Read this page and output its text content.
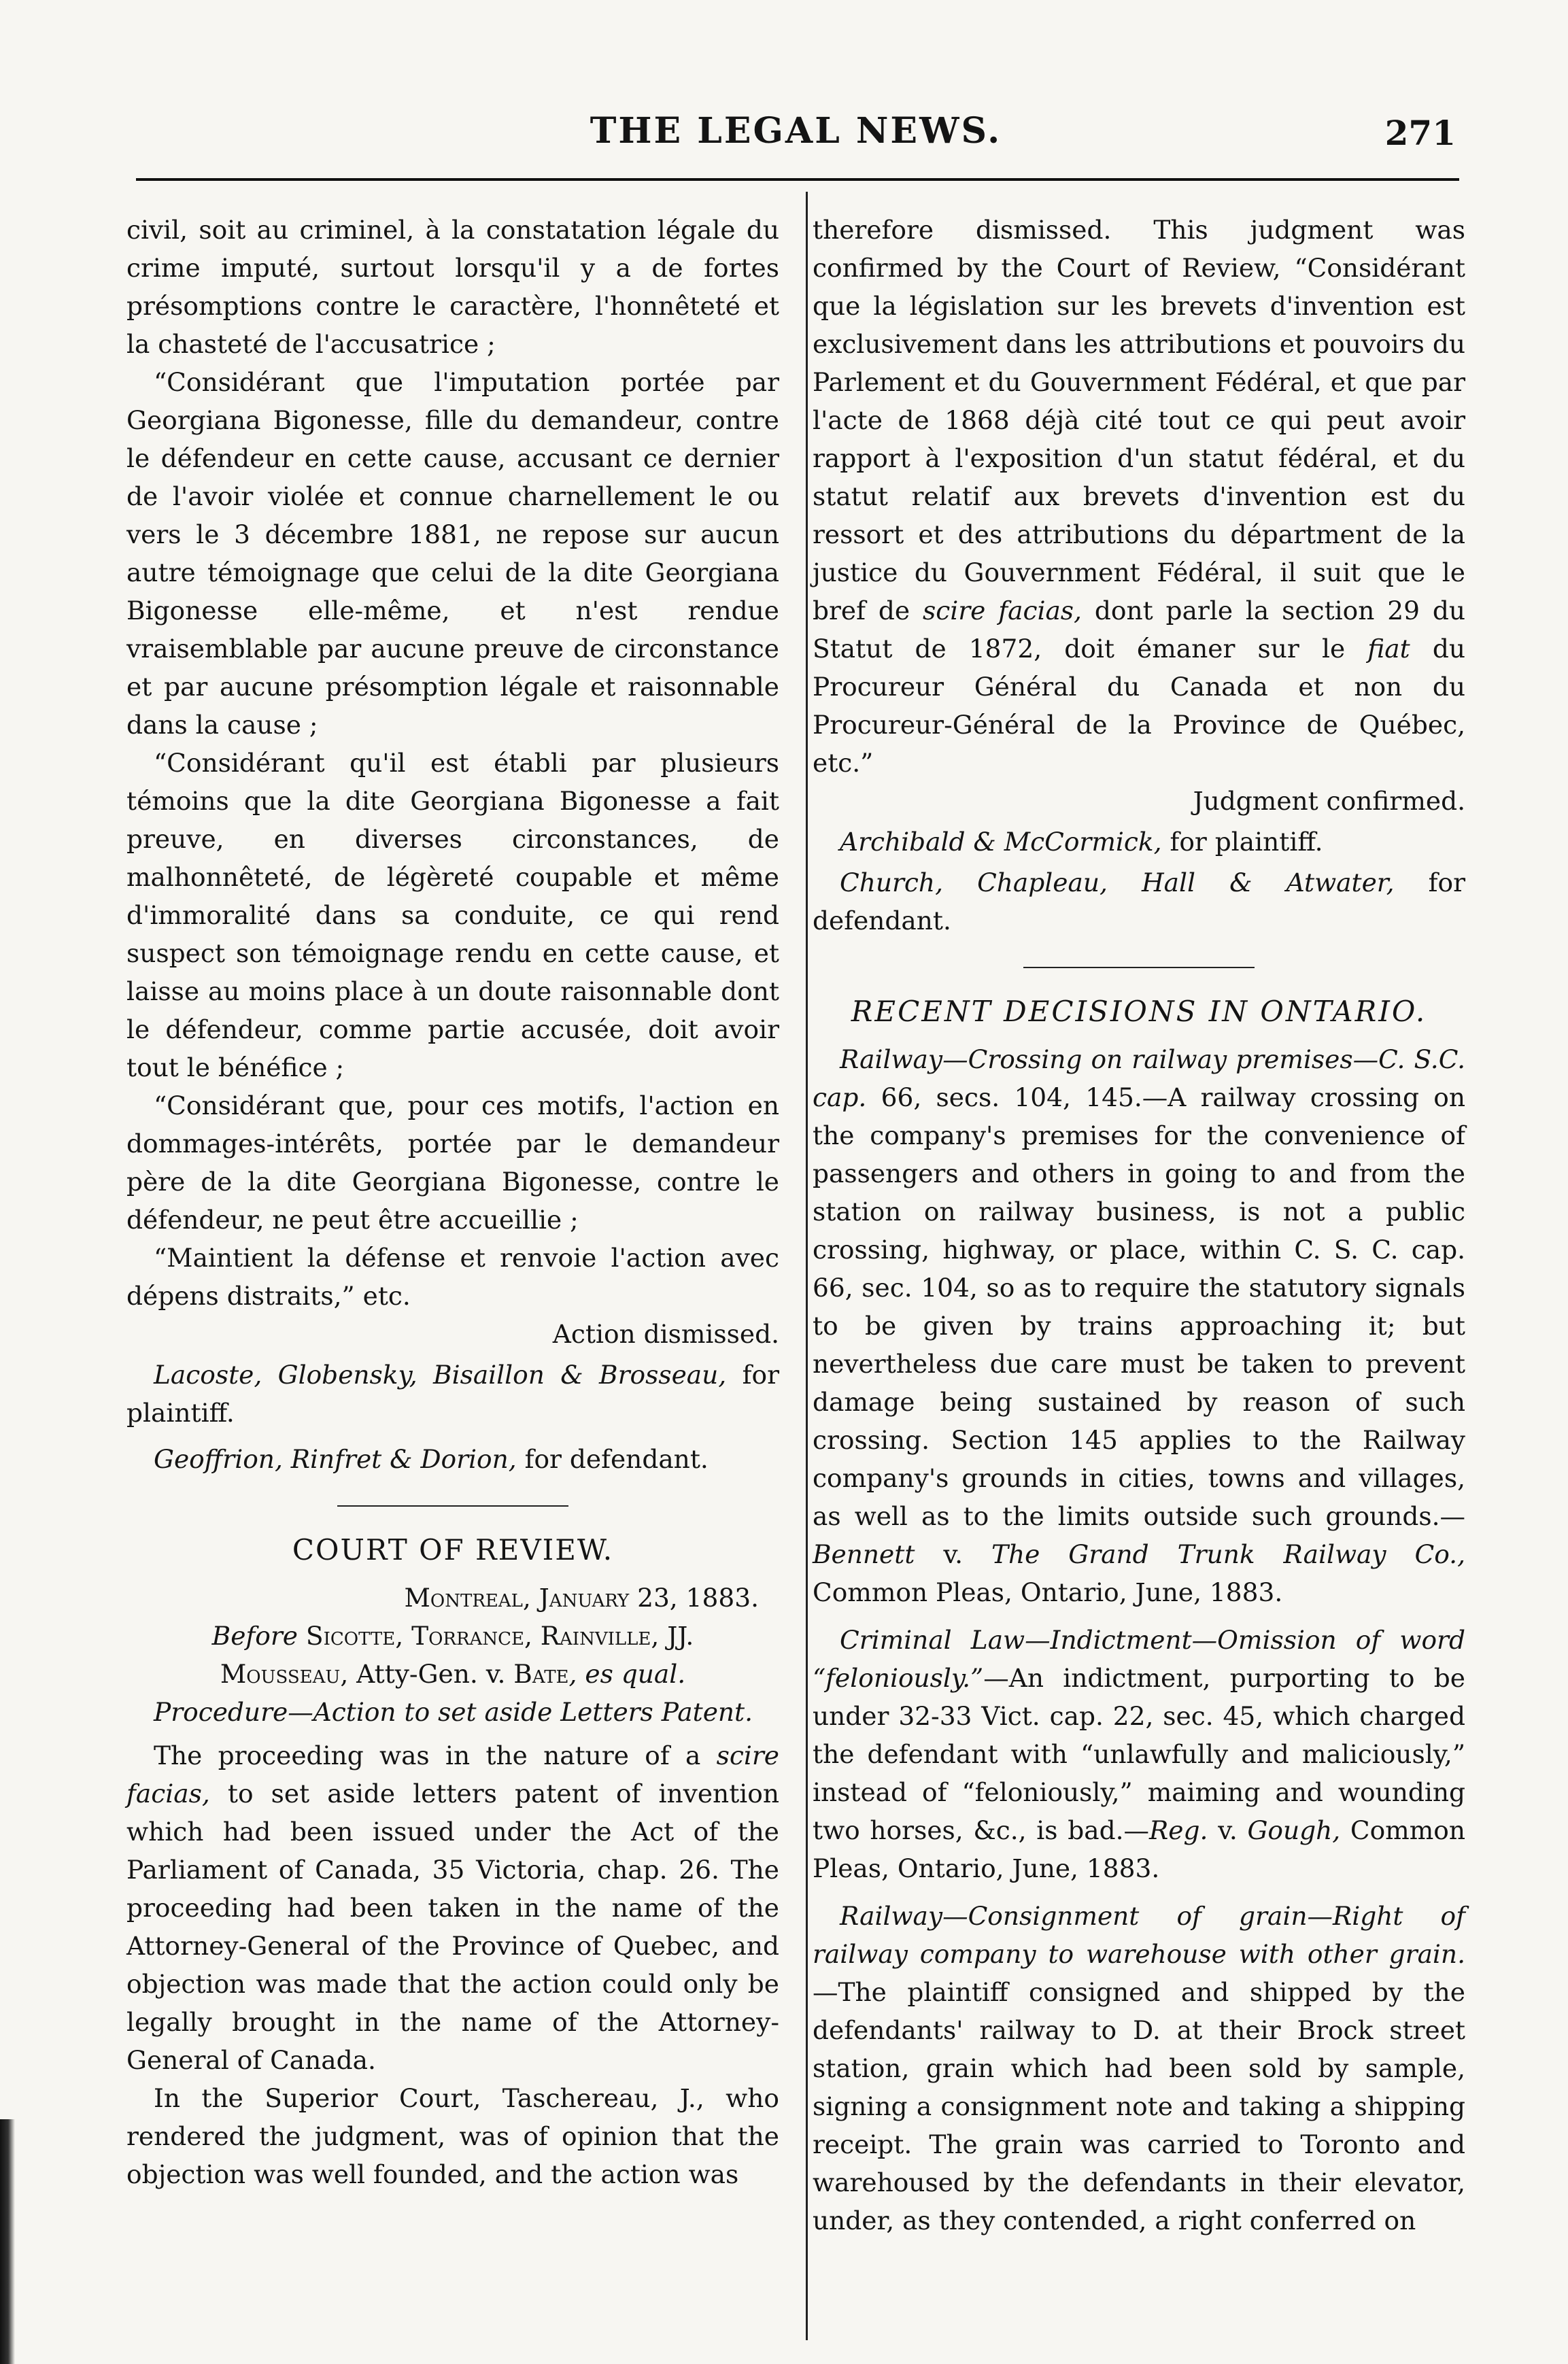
THE LEGAL NEWS.	271

civil, soit au criminel, à la constatation légale du crime imputé, surtout lorsqu'il y a de fortes présomptions contre le caractère, l'honnêteté et la chasteté de l'accusatrice ;

“Considérant que l'imputation portée par Georgiana Bigonesse, fille du demandeur, contre le défendeur en cette cause, accusant ce dernier de l'avoir violée et connue charnellement le ou vers le 3 décembre 1881, ne repose sur aucun autre témoignage que celui de la dite Georgiana Bigonesse elle-même, et n'est rendue vraisemblable par aucune preuve de circonstance et par aucune présomption légale et raisonnable dans la cause ;

“Considérant qu'il est établi par plusieurs témoins que la dite Georgiana Bigonesse a fait preuve, en diverses circonstances, de malhonnêteté, de légèreté coupable et même d'immoralité dans sa conduite, ce qui rend suspect son témoignage rendu en cette cause, et laisse au moins place à un doute raisonnable dont le défendeur, comme partie accusée, doit avoir tout le bénéfice ;

“Considérant que, pour ces motifs, l'action en dommages-intérêts, portée par le demandeur père de la dite Georgiana Bigonesse, contre le défendeur, ne peut être accueillie ;

“Maintient la défense et renvoie l'action avec dépens distraits,” etc.

Action dismissed.

Lacoste, Globensky, Bisaillon & Brosseau, for plaintiff.

Geoffrion, Rinfret & Dorion, for defendant.

COURT OF REVIEW.

Montreal, January 23, 1883.

Before Sicotte, Torrance, Rainville, JJ.

Mousseau, Atty-Gen. v. Bate, es qual.

Procedure—Action to set aside Letters Patent.

The proceeding was in the nature of a scire facias, to set aside letters patent of invention which had been issued under the Act of the Parliament of Canada, 35 Victoria, chap. 26. The proceeding had been taken in the name of the Attorney-General of the Province of Quebec, and objection was made that the action could only be legally brought in the name of the Attorney-General of Canada.

In the Superior Court, Taschereau, J., who rendered the judgment, was of opinion that the objection was well founded, and the action was

therefore dismissed. This judgment was confirmed by the Court of Review, “Considérant que la législation sur les brevets d'invention est exclusivement dans les attributions et pouvoirs du Parlement et du Gouvernment Fédéral, et que par l'acte de 1868 déjà cité tout ce qui peut avoir rapport à l'exposition d'un statut fédéral, et du statut relatif aux brevets d'invention est du ressort et des attributions du départment de la justice du Gouvernment Fédéral, il suit que le bref de scire facias, dont parle la section 29 du Statut de 1872, doit émaner sur le fiat du Procureur Général du Canada et non du Procureur-Général de la Province de Québec, etc.”

Judgment confirmed.

Archibald & McCormick, for plaintiff.

Church, Chapleau, Hall & Atwater, for defendant.

RECENT DECISIONS IN ONTARIO.

Railway—Crossing on railway premises—C. S.C. cap. 66, secs. 104, 145.—A railway crossing on the company's premises for the convenience of passengers and others in going to and from the station on railway business, is not a public crossing, highway, or place, within C. S. C. cap. 66, sec. 104, so as to require the statutory signals to be given by trains approaching it; but nevertheless due care must be taken to prevent damage being sustained by reason of such crossing. Section 145 applies to the Railway company's grounds in cities, towns and villages, as well as to the limits outside such grounds.—Bennett v. The Grand Trunk Railway Co., Common Pleas, Ontario, June, 1883.

Criminal Law—Indictment—Omission of word “feloniously.”—An indictment, purporting to be under 32-33 Vict. cap. 22, sec. 45, which charged the defendant with “unlawfully and maliciously,” instead of “feloniously,” maiming and wounding two horses, &c., is bad.—Reg. v. Gough, Common Pleas, Ontario, June, 1883.

Railway—Consignment of grain—Right of railway company to warehouse with other grain.—The plaintiff consigned and shipped by the defendants' railway to D. at their Brock street station, grain which had been sold by sample, signing a consignment note and taking a shipping receipt. The grain was carried to Toronto and warehoused by the defendants in their elevator, under, as they contended, a right conferred on
